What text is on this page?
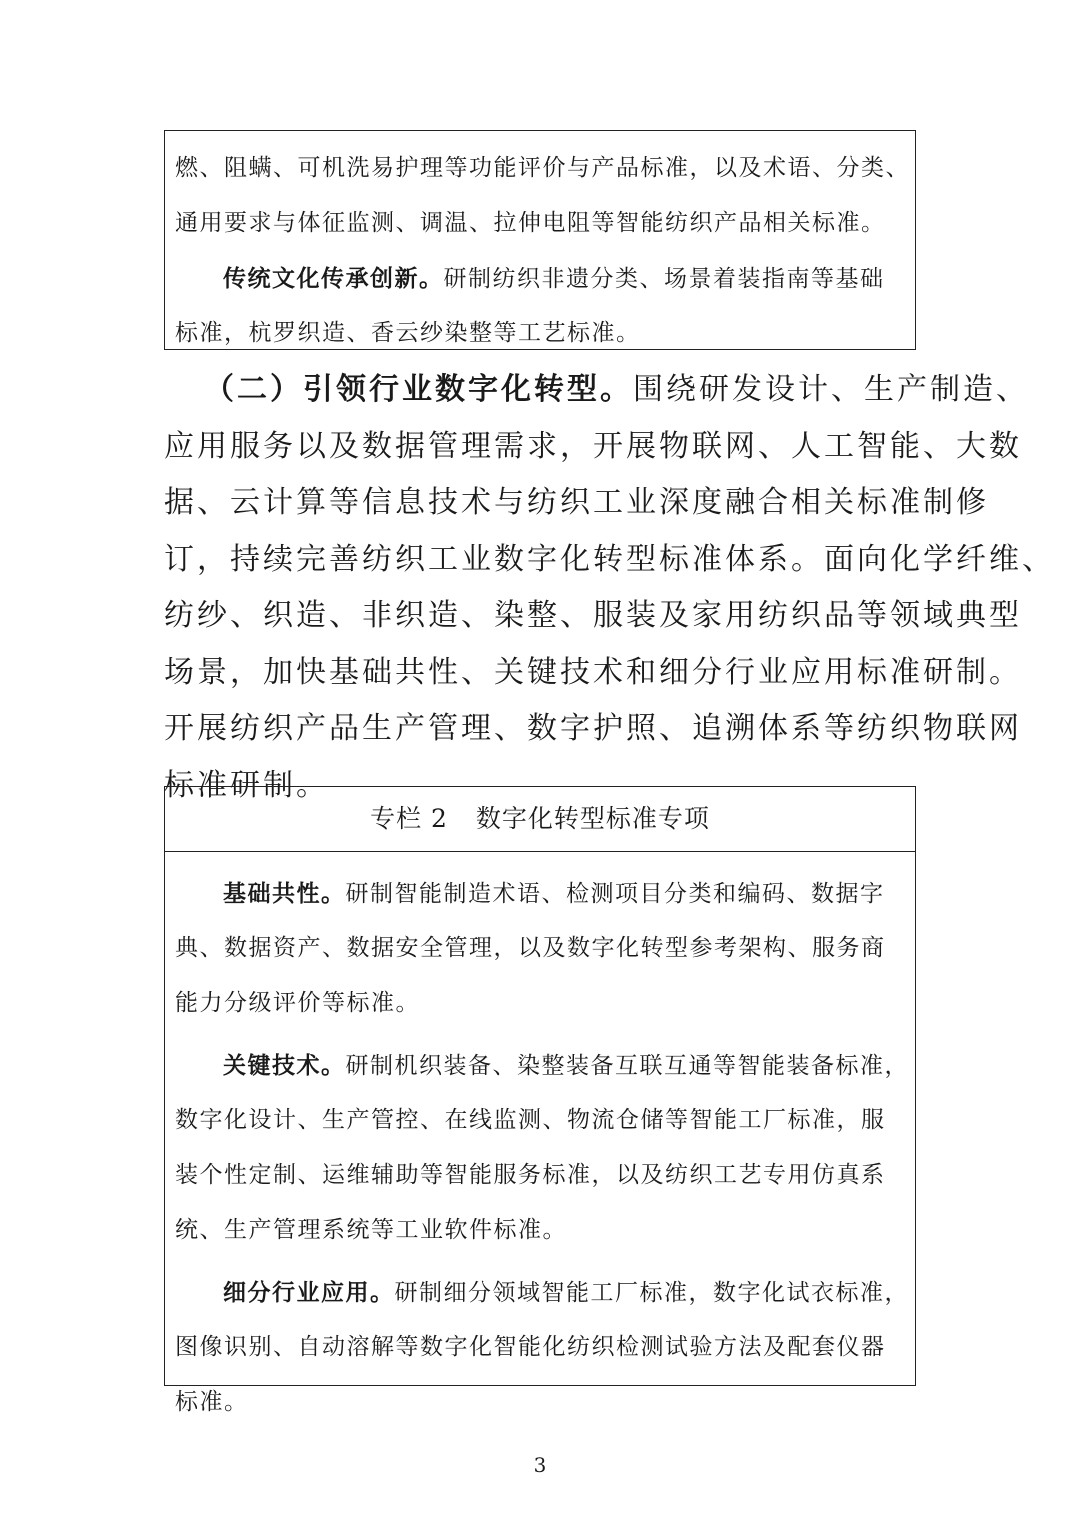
燃、阻螨、可机洗易护理等功能评价与产品标准，以及术语、分类、
通用要求与体征监测、调温、拉伸电阻等智能纺织产品相关标准。
传统文化传承创新。研制纺织非遗分类、场景着装指南等基础
标准，杭罗织造、香云纱染整等工艺标准。
（二）引领行业数字化转型。围绕研发设计、生产制造、
应用服务以及数据管理需求，开展物联网、人工智能、大数
据、云计算等信息技术与纺织工业深度融合相关标准制修
订，持续完善纺织工业数字化转型标准体系。面向化学纤维、
纺纱、织造、非织造、染整、服装及家用纺织品等领域典型
场景，加快基础共性、关键技术和细分行业应用标准研制。
开展纺织产品生产管理、数字护照、追溯体系等纺织物联网
标准研制。
专栏 2 数字化转型标准专项
基础共性。研制智能制造术语、检测项目分类和编码、数据字
典、数据资产、数据安全管理，以及数字化转型参考架构、服务商
能力分级评价等标准。
关键技术。研制机织装备、染整装备互联互通等智能装备标准，
数字化设计、生产管控、在线监测、物流仓储等智能工厂标准，服
装个性定制、运维辅助等智能服务标准，以及纺织工艺专用仿真系
统、生产管理系统等工业软件标准。
细分行业应用。研制细分领域智能工厂标准，数字化试衣标准，
图像识别、自动溶解等数字化智能化纺织检测试验方法及配套仪器
标准。
3
